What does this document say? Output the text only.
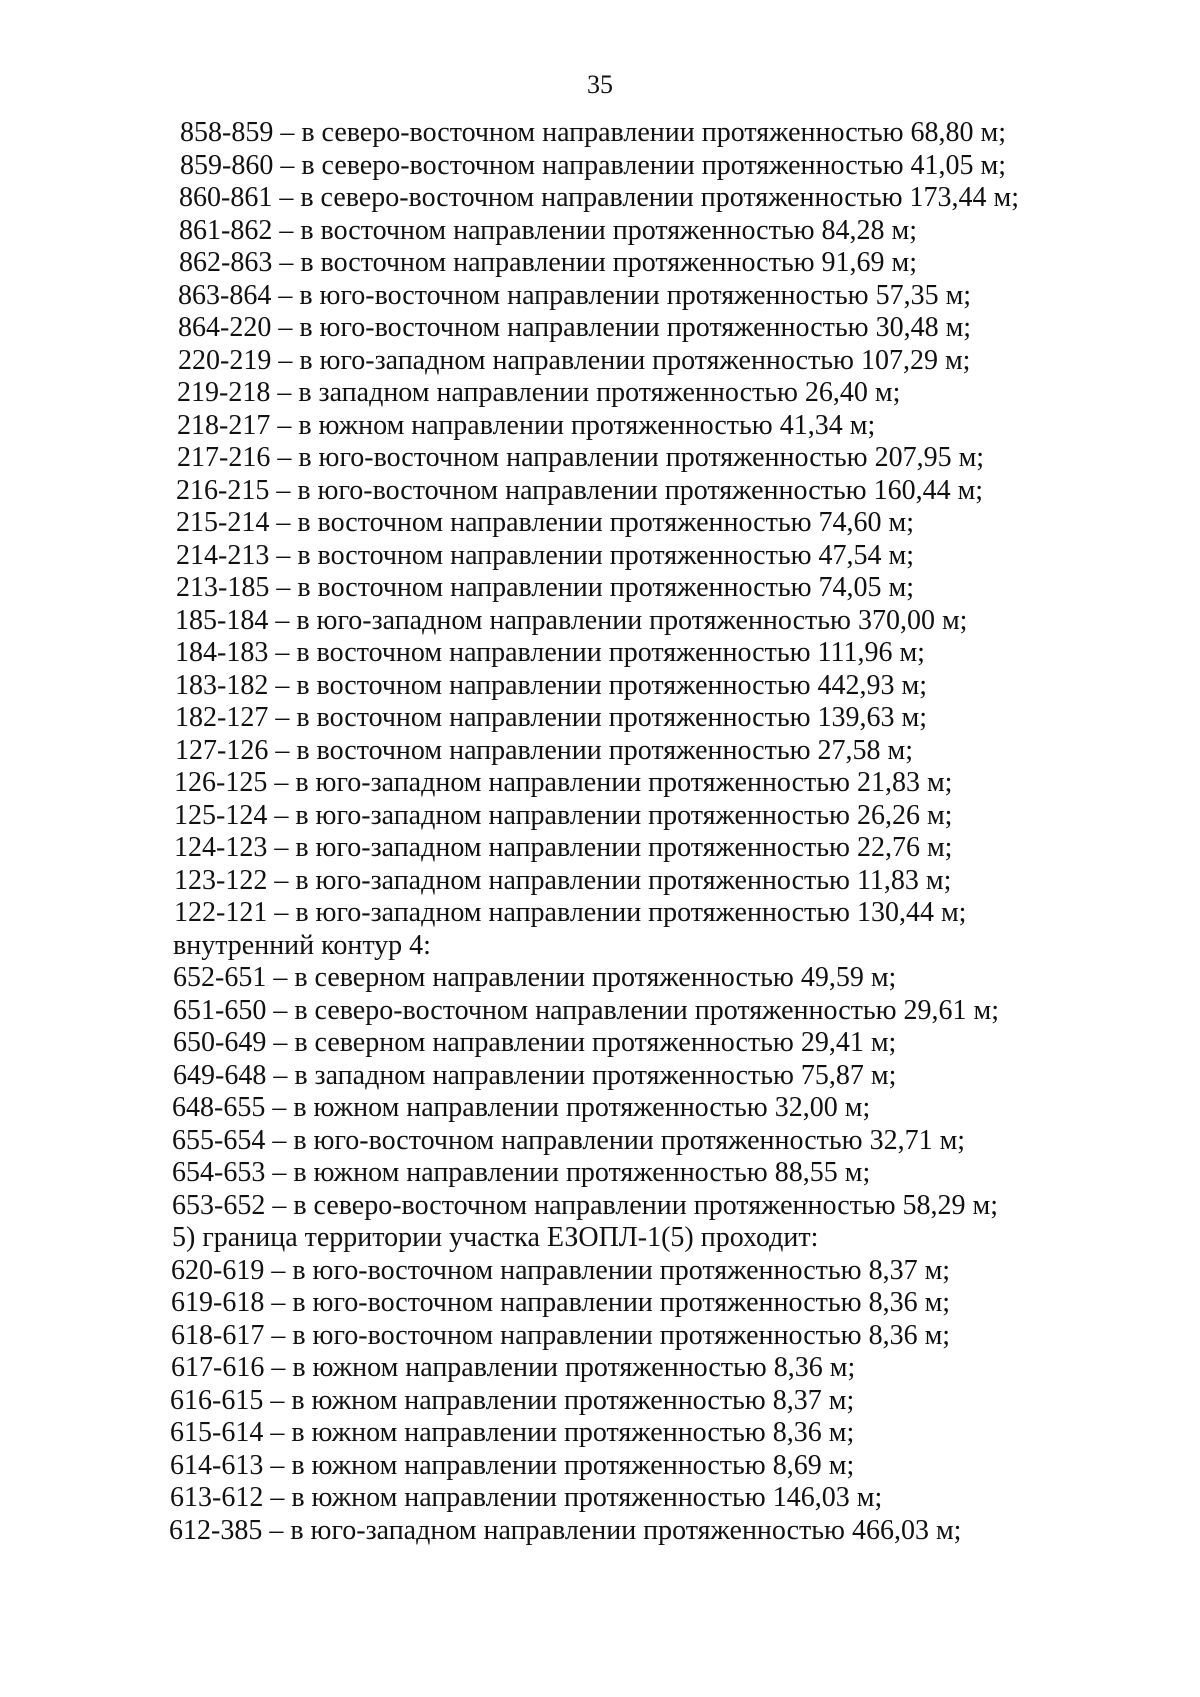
35
858-859 – в северо-восточном направлении протяженностью 68,80 м;
859-860 – в северо-восточном направлении протяженностью 41,05 м;
860-861 – в северо-восточном направлении протяженностью 173,44 м;
861-862 – в восточном направлении протяженностью 84,28 м;
862-863 – в восточном направлении протяженностью 91,69 м;
863-864 – в юго-восточном направлении протяженностью 57,35 м;
864-220 – в юго-восточном направлении протяженностью 30,48 м;
220-219 – в юго-западном направлении протяженностью 107,29 м;
219-218 – в западном направлении протяженностью 26,40 м;
218-217 – в южном направлении протяженностью 41,34 м;
217-216 – в юго-восточном направлении протяженностью 207,95 м;
216-215 – в юго-восточном направлении протяженностью 160,44 м;
215-214 – в восточном направлении протяженностью 74,60 м;
214-213 – в восточном направлении протяженностью 47,54 м;
213-185 – в восточном направлении протяженностью 74,05 м;
185-184 – в юго-западном направлении протяженностью 370,00 м;
184-183 – в восточном направлении протяженностью 111,96 м;
183-182 – в восточном направлении протяженностью 442,93 м;
182-127 – в восточном направлении протяженностью 139,63 м;
127-126 – в восточном направлении протяженностью 27,58 м;
126-125 – в юго-западном направлении протяженностью 21,83 м;
125-124 – в юго-западном направлении протяженностью 26,26 м;
124-123 – в юго-западном направлении протяженностью 22,76 м;
123-122 – в юго-западном направлении протяженностью 11,83 м;
122-121 – в юго-западном направлении протяженностью 130,44 м;
внутренний контур 4:
652-651 – в северном направлении протяженностью 49,59 м;
651-650 – в северо-восточном направлении протяженностью 29,61 м;
650-649 – в северном направлении протяженностью 29,41 м;
649-648 – в западном направлении протяженностью 75,87 м;
648-655 – в южном направлении протяженностью 32,00 м;
655-654 – в юго-восточном направлении протяженностью 32,71 м;
654-653 – в южном направлении протяженностью 88,55 м;
653-652 – в северо-восточном направлении протяженностью 58,29 м;
5) граница территории участка ЕЗОПЛ-1(5) проходит:
620-619 – в юго-восточном направлении протяженностью 8,37 м;
619-618 – в юго-восточном направлении протяженностью 8,36 м;
618-617 – в юго-восточном направлении протяженностью 8,36 м;
617-616 – в южном направлении протяженностью 8,36 м;
616-615 – в южном направлении протяженностью 8,37 м;
615-614 – в южном направлении протяженностью 8,36 м;
614-613 – в южном направлении протяженностью 8,69 м;
613-612 – в южном направлении протяженностью 146,03 м;
612-385 – в юго-западном направлении протяженностью 466,03 м;
